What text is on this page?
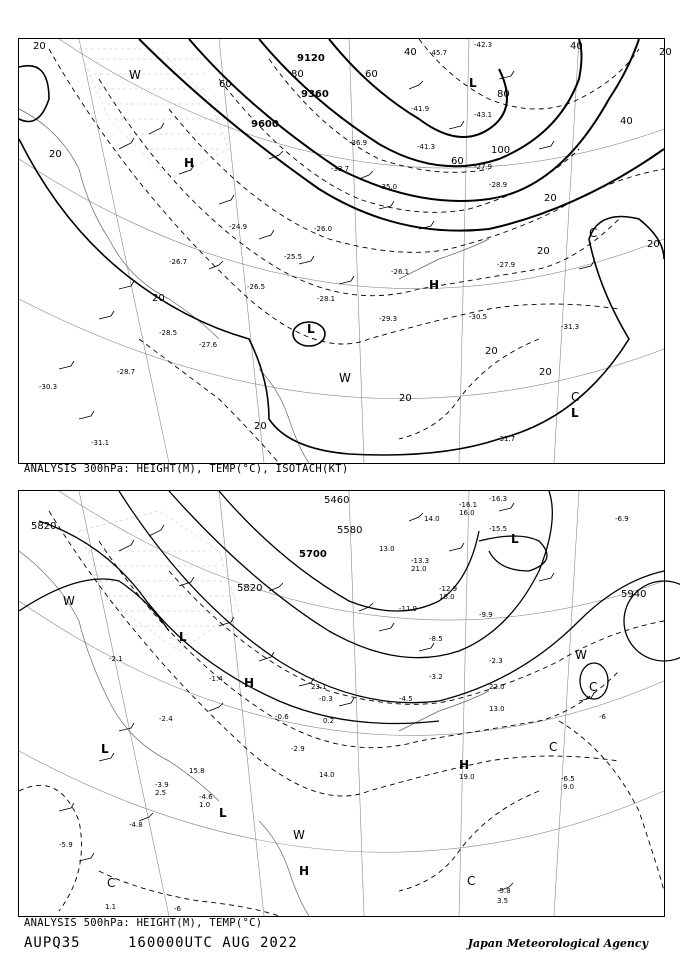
9120
9360
9600
20
20
20
20
20
20
20
20
20
20
20
40
40
40
60
60
60
80
80
100
L
H
H
L
L
C
W
W
C
-45.7
-42.3
-41.9
-43.1
-41.3
-36.9
-33.7
-35.0	-28.9
-27.9
-26.0
-25.5
-24.9
-26.1
-27.9
-28.1
-29.3	-30.5
-31.3
-31.7
-31.1
-28.7
-27.6
-28.5
-30.3
-26.5
-26.7
ANALYSIS 300hPa: HEIGHT(M), TEMP(°C), ISOTACH(KT)
5460
5580
5700
5820
5820
5940
L
L
L
L
H
H
H
W
W
W
C
C	C
C
-16.1
-16.3
-15.5
-13.3
-12.9
-11.9
-9.9
-8.5
-2.3
-3.2
-4.5
-6
-6.9
-6.5
-5.8
-4.6
-4.8
-3.9
-2.9
-6
-5.9
-2.4
-2.1
-1.4
-0.6
-0.3
0.2
16.0
14.0
13.0
21.0
18.0
22.0
13.0
19.0
9.0
3.5
2.5
1.0
1.1
15.8
23.1
14.0
ANALYSIS 500hPa: HEIGHT(M), TEMP(°C)
AUPQ35	160000UTC AUG 2022	Japan Meteorological Agency
